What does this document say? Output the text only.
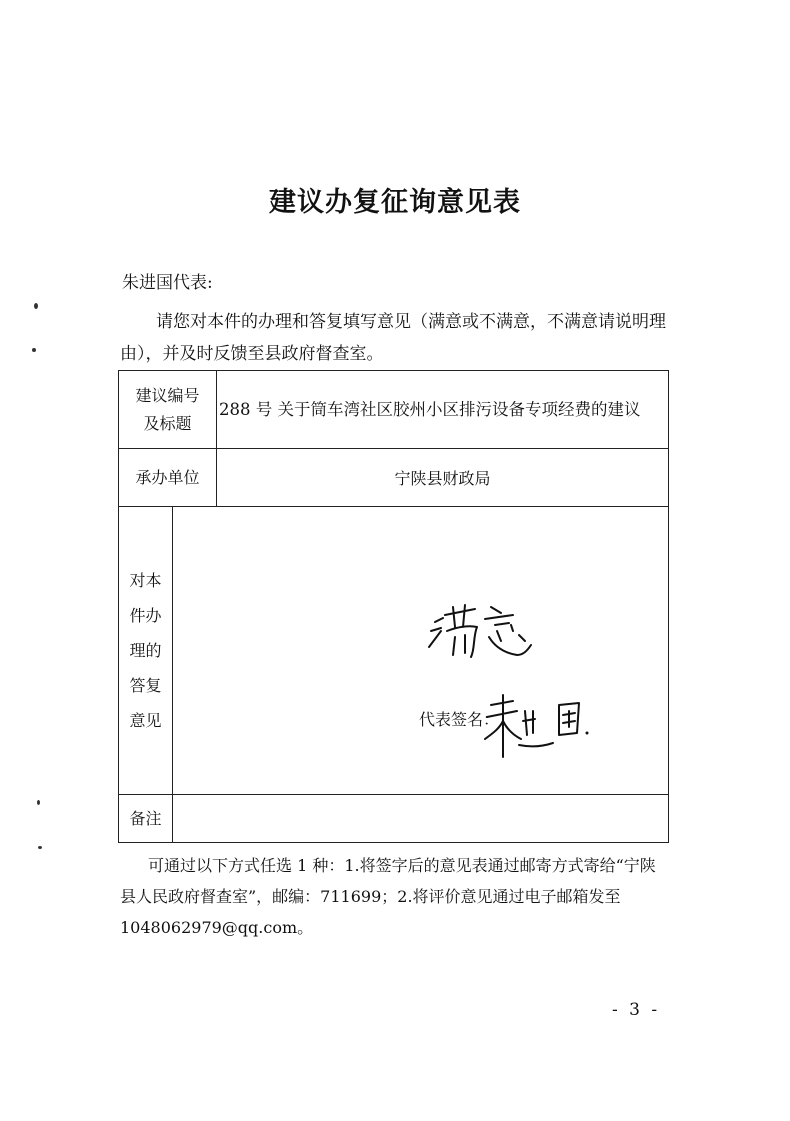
建议办复征询意见表
朱进国代表:
请您对本件的办理和答复填写意见（满意或不满意，不满意请说明理由），并及时反馈至县政府督查室。
建议编号
及标题		288 号 关于筒车湾社区胶州小区排污设备专项经费的建议
承办单位		宁陕县财政局

对本
件办
理的
答复
意见	代表签名：	

备注		
可通过以下方式任选 1 种：1.将签字后的意见表通过邮寄方式寄给“宁陕县人民政府督查室”，邮编：711699；2.将评价意见通过电子邮箱发至 1048062979@qq.com。
- 3 -
